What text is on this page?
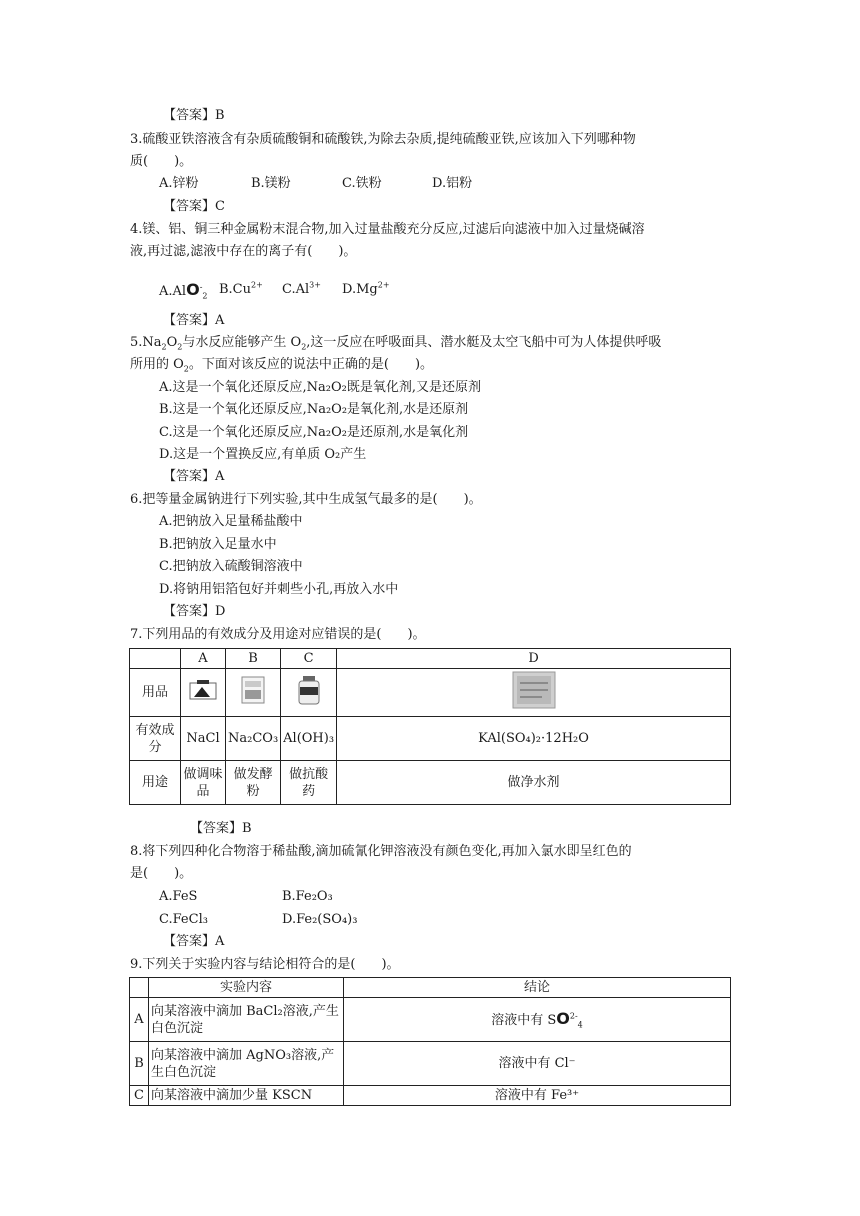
【答案】B
3.硫酸亚铁溶液含有杂质硫酸铜和硫酸铁,为除去杂质,提纯硫酸亚铁,应该加入下列哪种物
质(　　)。
A.锌粉	B.镁粉	C.铁粉	D.铝粉
【答案】C
4.镁、铝、铜三种金属粉末混合物,加入过量盐酸充分反应,过滤后向滤液中加入过量烧碱溶
液,再过滤,滤液中存在的离子有(　　)。
A.AlO-$_2$ $B.Cu^{2+}$ $C.Al^{3+}$ $D.Mg^{2+}$
【答案】A
$5.Na_2O_2$与水反应能够产生 $O_2$,这一反应在呼吸面具、潜水艇及太空飞船中可为人体提供呼吸
所用的 $O_2$。下面对该反应的说法中正确的是(　　)。
A.这是一个氧化还原反应,Na₂O₂既是氧化剂,又是还原剂
B.这是一个氧化还原反应,Na₂O₂是氧化剂,水是还原剂
C.这是一个氧化还原反应,Na₂O₂是还原剂,水是氧化剂
D.这是一个置换反应,有单质 O₂产生
【答案】A
6.把等量金属钠进行下列实验,其中生成氢气最多的是(　　)。
A.把钠放入足量稀盐酸中
B.把钠放入足量水中
C.把钠放入硫酸铜溶液中
D.将钠用铝箔包好并刺些小孔,再放入水中
【答案】D
7.下列用品的有效成分及用途对应错误的是(　　)。
	A	B	C	D
用品				
有效成分	NaCl	Na₂CO₃	Al(OH)₃	KAl(SO₄)₂·12H₂O
用途	做调味品	做发酵粉	做抗酸药	做净水剂
【答案】B
8.将下列四种化合物溶于稀盐酸,滴加硫氰化钾溶液没有颜色变化,再加入氯水即呈红色的
是(　　)。
A.FeS	B.Fe₂O₃
C.FeCl₃	D.Fe₂(SO₄)₃
【答案】A
9.下列关于实验内容与结论相符合的是(　　)。
	实验内容	结论
A	向某溶液中滴加 BaCl₂溶液,产生白色沉淀	溶液中有 $SO^{2-}_4$
B	向某溶液中滴加 AgNO₃溶液,产生白色沉淀	溶液中有 Cl⁻
C	向某溶液中滴加少量 KSCN	溶液中有 Fe³⁺
